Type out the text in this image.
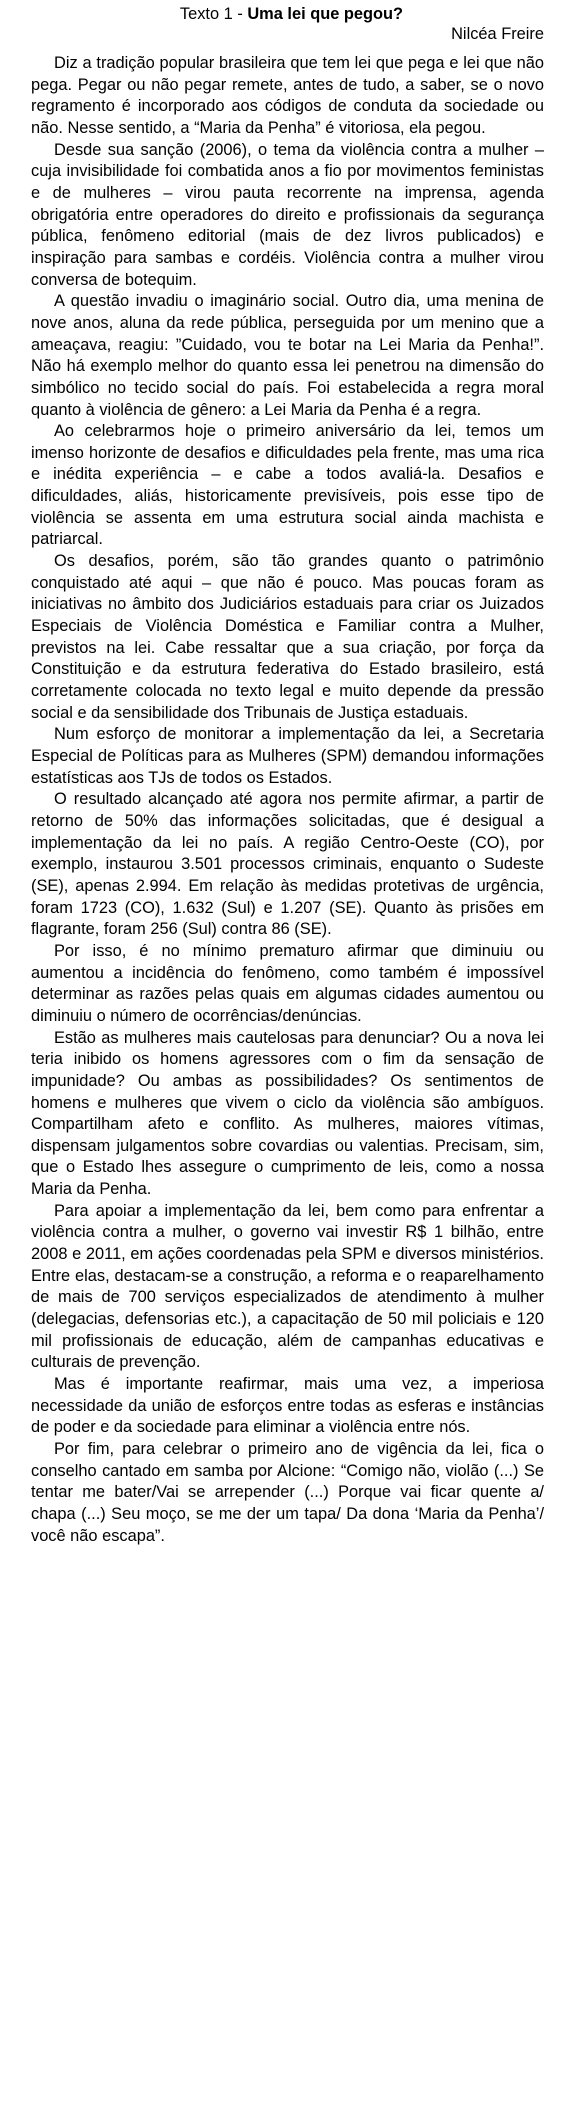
Texto 1 - Uma lei que pegou?

Nilcéa Freire

Diz a tradição popular brasileira que tem lei que pega e lei que não pega. Pegar ou não pegar remete, antes de tudo, a saber, se o novo regramento é incorporado aos códigos de conduta da sociedade ou não. Nesse sentido, a “Maria da Penha” é vitoriosa, ela pegou.

Desde sua sanção (2006), o tema da violência contra a mulher – cuja invisibilidade foi combatida anos a fio por movimentos feministas e de mulheres – virou pauta recorrente na imprensa, agenda obrigatória entre operadores do direito e profissionais da segurança pública, fenômeno editorial (mais de dez livros publicados) e inspiração para sambas e cordéis. Violência contra a mulher virou conversa de botequim.

A questão invadiu o imaginário social. Outro dia, uma menina de nove anos, aluna da rede pública, perseguida por um menino que a ameaçava, reagiu: ”Cuidado, vou te botar na Lei Maria da Penha!”. Não há exemplo melhor do quanto essa lei penetrou na dimensão do simbólico no tecido social do país. Foi estabelecida a regra moral quanto à violência de gênero: a Lei Maria da Penha é a regra.

Ao celebrarmos hoje o primeiro aniversário da lei, temos um imenso horizonte de desafios e dificuldades pela frente, mas uma rica e inédita experiência – e cabe a todos avaliá-la. Desafios e dificuldades, aliás, historicamente previsíveis, pois esse tipo de violência se assenta em uma estrutura social ainda machista e patriarcal.

Os desafios, porém, são tão grandes quanto o patrimônio conquistado até aqui – que não é pouco. Mas poucas foram as iniciativas no âmbito dos Judiciários estaduais para criar os Juizados Especiais de Violência Doméstica e Familiar contra a Mulher, previstos na lei. Cabe ressaltar que a sua criação, por força da Constituição e da estrutura federativa do Estado brasileiro, está corretamente colocada no texto legal e muito depende da pressão social e da sensibilidade dos Tribunais de Justiça estaduais.

Num esforço de monitorar a implementação da lei, a Secretaria Especial de Políticas para as Mulheres (SPM) demandou informações estatísticas aos TJs de todos os Estados.

O resultado alcançado até agora nos permite afirmar, a partir de retorno de 50% das informações solicitadas, que é desigual a implementação da lei no país. A região Centro-Oeste (CO), por exemplo, instaurou 3.501 processos criminais, enquanto o Sudeste (SE), apenas 2.994. Em relação às medidas protetivas de urgência, foram 1723 (CO), 1.632 (Sul) e 1.207 (SE). Quanto às prisões em flagrante, foram 256 (Sul) contra 86 (SE).

Por isso, é no mínimo prematuro afirmar que diminuiu ou aumentou a incidência do fenômeno, como também é impossível determinar as razões pelas quais em algumas cidades aumentou ou diminuiu o número de ocorrências/denúncias.

Estão as mulheres mais cautelosas para denunciar? Ou a nova lei teria inibido os homens agressores com o fim da sensação de impunidade? Ou ambas as possibilidades? Os sentimentos de homens e mulheres que vivem o ciclo da violência são ambíguos. Compartilham afeto e conflito. As mulheres, maiores vítimas, dispensam julgamentos sobre covardias ou valentias. Precisam, sim, que o Estado lhes assegure o cumprimento de leis, como a nossa Maria da Penha.

Para apoiar a implementação da lei, bem como para enfrentar a violência contra a mulher, o governo vai investir R$ 1 bilhão, entre 2008 e 2011, em ações coordenadas pela SPM e diversos ministérios. Entre elas, destacam-se a construção, a reforma e o reaparelhamento de mais de 700 serviços especializados de atendimento à mulher (delegacias, defensorias etc.), a capacitação de 50 mil policiais e 120 mil profissionais de educação, além de campanhas educativas e culturais de prevenção.

Mas é importante reafirmar, mais uma vez, a imperiosa necessidade da união de esforços entre todas as esferas e instâncias de poder e da sociedade para eliminar a violência entre nós.

Por fim, para celebrar o primeiro ano de vigência da lei, fica o conselho cantado em samba por Alcione: “Comigo não, violão (...) Se tentar me bater/Vai se arrepender (...) Porque vai ficar quente a/ chapa (...) Seu moço, se me der um tapa/ Da dona ‘Maria da Penha’/ você não escapa”.
